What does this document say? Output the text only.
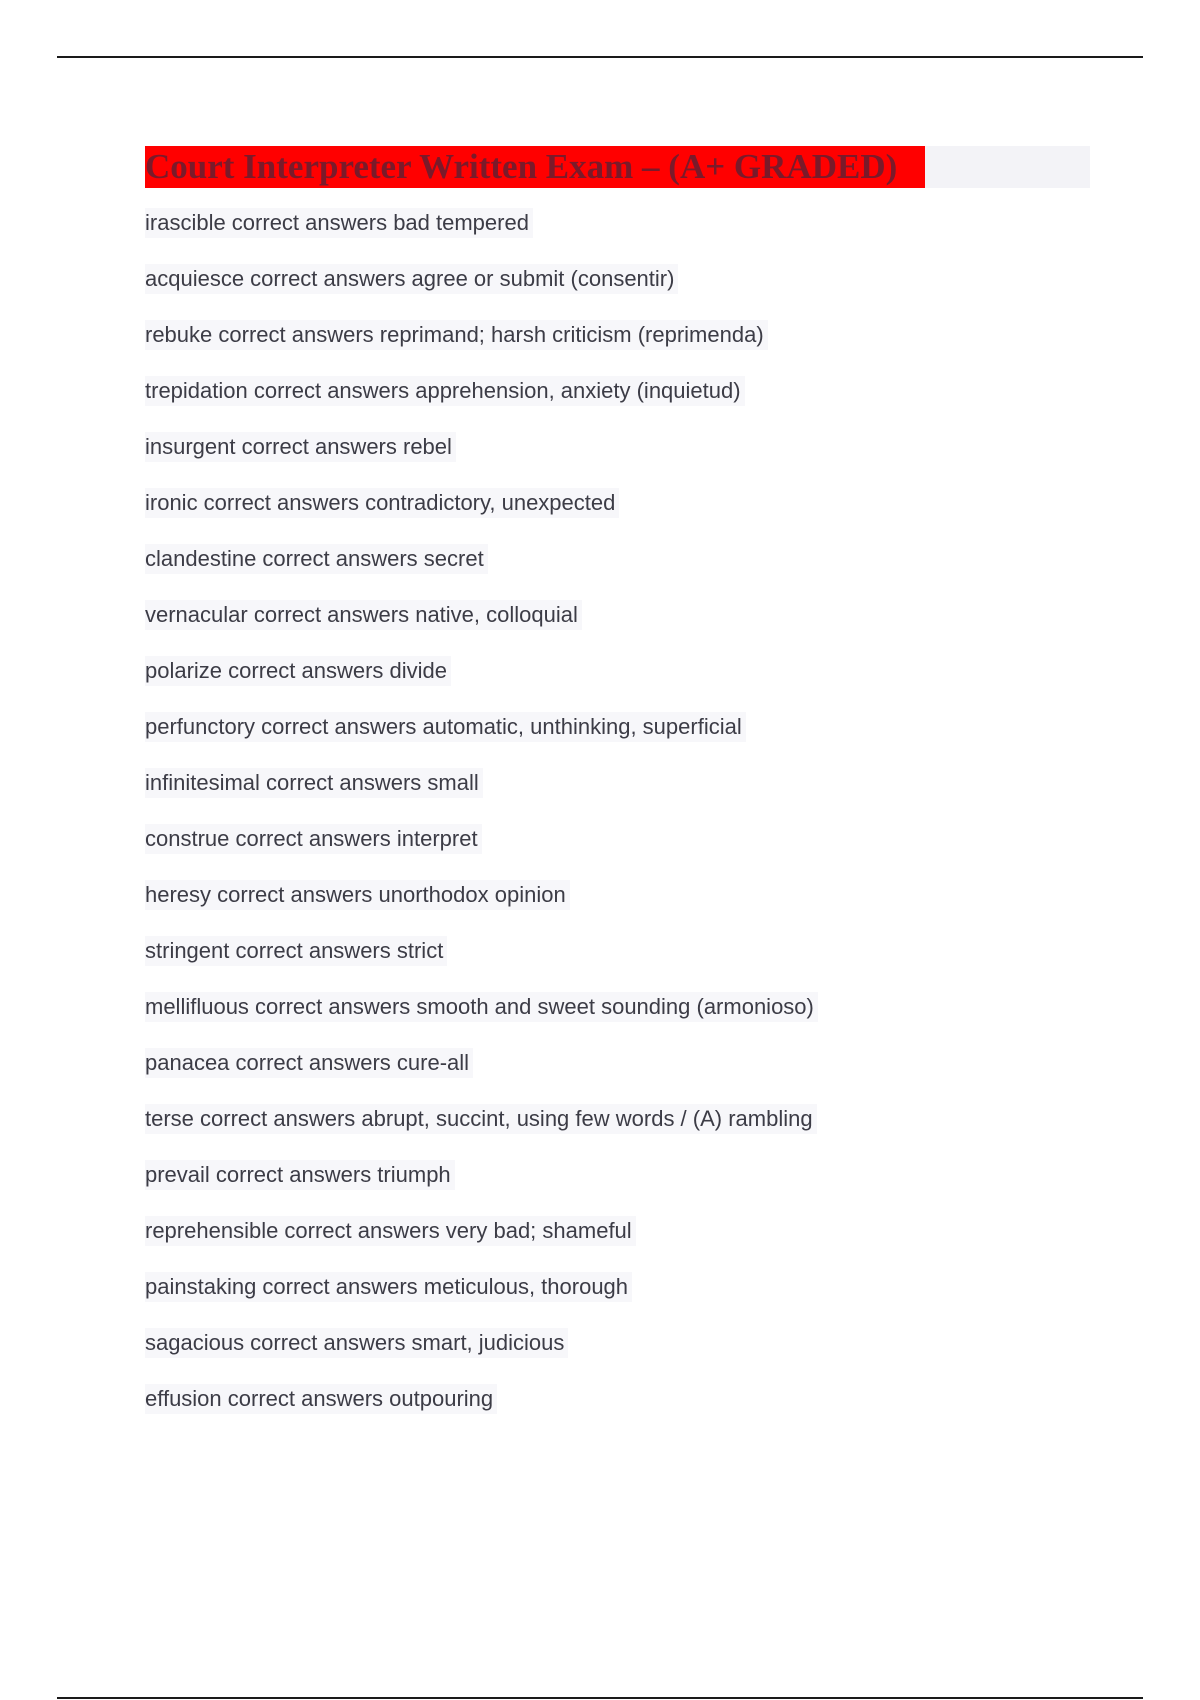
Court Interpreter Written Exam – (A+ GRADED)
irascible correct answers bad tempered
acquiesce correct answers agree or submit (consentir)
rebuke correct answers reprimand; harsh criticism (reprimenda)
trepidation correct answers apprehension, anxiety (inquietud)
insurgent correct answers rebel
ironic correct answers contradictory, unexpected
clandestine correct answers secret
vernacular correct answers native, colloquial
polarize correct answers divide
perfunctory correct answers automatic, unthinking, superficial
infinitesimal correct answers small
construe correct answers interpret
heresy correct answers unorthodox opinion
stringent correct answers strict
mellifluous correct answers smooth and sweet sounding (armonioso)
panacea correct answers cure-all
terse correct answers abrupt, succint, using few words / (A) rambling
prevail correct answers triumph
reprehensible correct answers very bad; shameful
painstaking correct answers meticulous, thorough
sagacious correct answers smart, judicious
effusion correct answers outpouring
